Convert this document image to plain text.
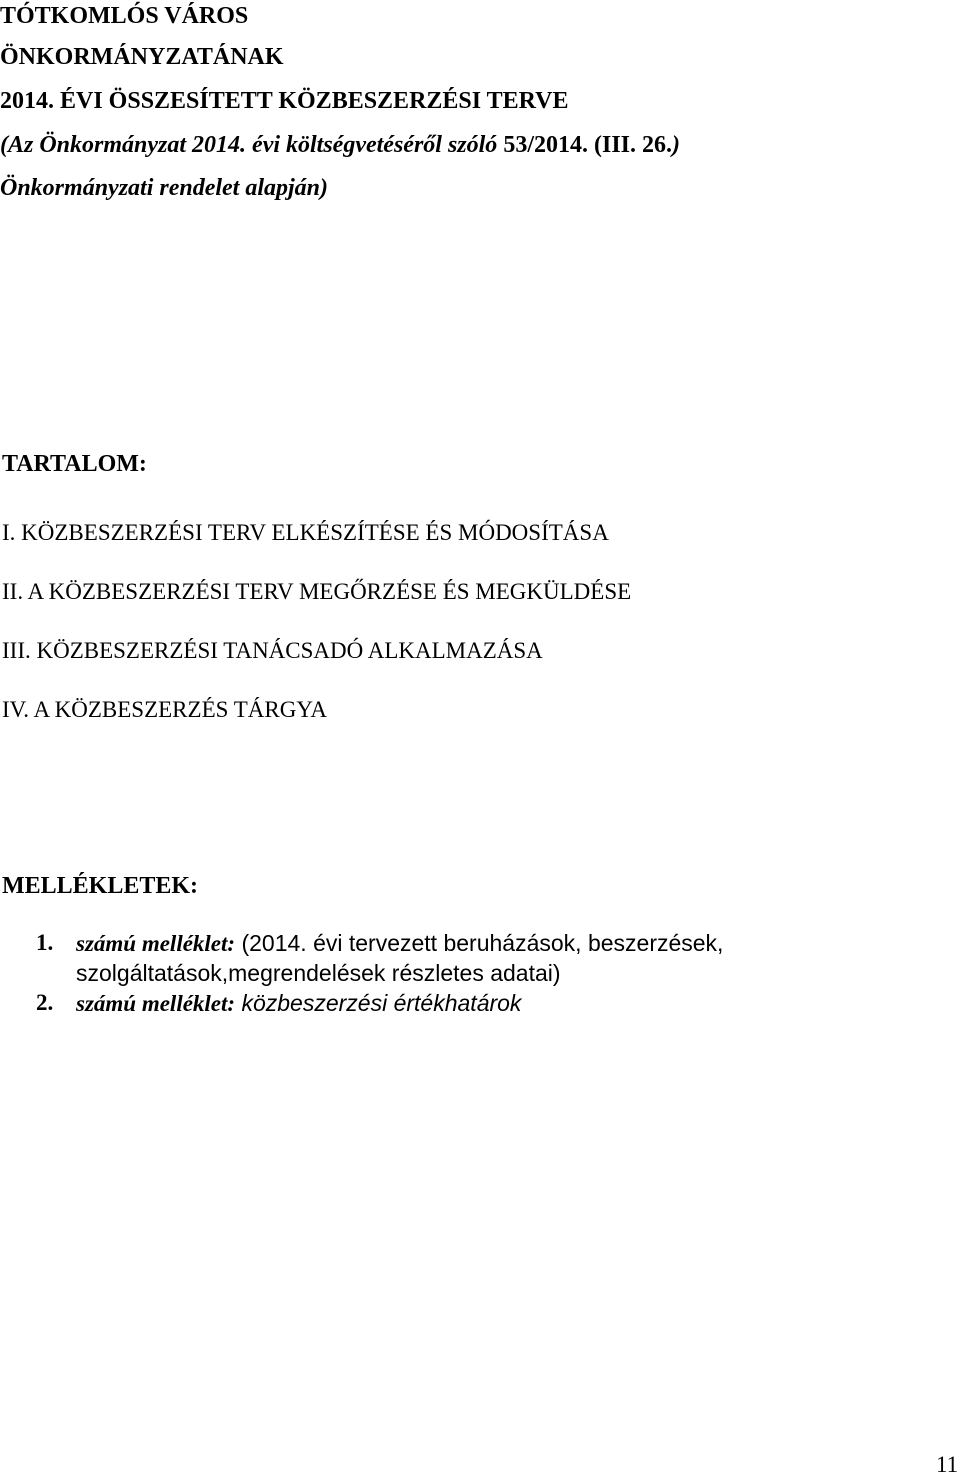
TÓTKOMLÓS VÁROS
ÖNKORMÁNYZATÁNAK
2014. ÉVI ÖSSZESÍTETT KÖZBESZERZÉSI TERVE
(Az Önkormányzat 2014. évi költségvetéséről szóló 53/2014. (III. 26.)
Önkormányzati rendelet alapján)
TARTALOM:
I. KÖZBESZERZÉSI TERV ELKÉSZÍTÉSE ÉS MÓDOSÍTÁSA
II. A KÖZBESZERZÉSI TERV MEGŐRZÉSE ÉS MEGKÜLDÉSE
III. KÖZBESZERZÉSI TANÁCSADÓ ALKALMAZÁSA
IV. A KÖZBESZERZÉS TÁRGYA
MELLÉKLETEK:
1. számú melléklet: (2014. évi tervezett beruházások, beszerzések,
szolgáltatások,megrendelések részletes adatai)
2. számú melléklet: közbeszerzési értékhatárok
11
